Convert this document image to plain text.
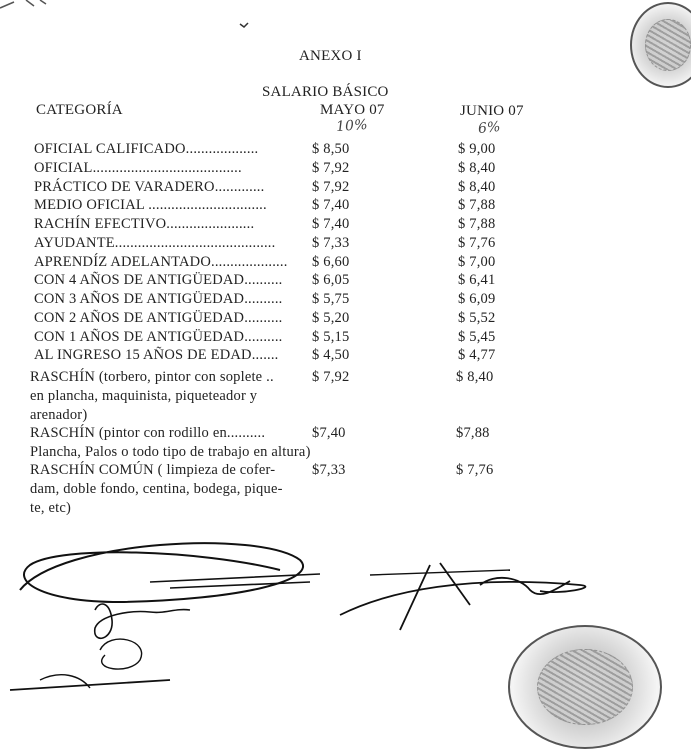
ANEXO I
SALARIO BÁSICO
CATEGORÍA	MAYO 07	JUNIO 07
10%	6%
OFICIAL CALIFICADO...................	$ 8,50	$ 9,00
OFICIAL.......................................	$ 7,92	$ 8,40
PRÁCTICO DE VARADERO.............	$ 7,92	$ 8,40
MEDIO OFICIAL ...............................	$ 7,40	$ 7,88
RACHÍN EFECTIVO.......................	$ 7,40	$ 7,88
AYUDANTE..........................................	$ 7,33	$ 7,76
APRENDÍZ ADELANTADO.................... $ 6,60	$ 7,00
CON 4 AÑOS DE ANTIGÜEDAD.......... $ 6,05	$ 6,41
CON 3 AÑOS DE ANTIGÜEDAD.......... $ 5,75	$ 6,09
CON 2 AÑOS DE ANTIGÜEDAD.......... $ 5,20	$ 5,52
CON 1 AÑOS DE ANTIGÜEDAD.......... $ 5,15	$ 5,45
AL INGRESO 15 AÑOS DE EDAD....... $ 4,50	$ 4,77
RASCHÍN (torbero, pintor con soplete ..
en plancha, maquinista, piqueteador y
arenador)
$ 7,92	$ 8,40
RASCHÍN (pintor con rodillo en..........
Plancha, Palos o todo tipo de trabajo en altura)
$7,40	$7,88
RASCHÍN COMÚN ( limpieza de cofer-
dam, doble fondo, centina, bodega, pique-
te, etc)
$7,33	$ 7,76
